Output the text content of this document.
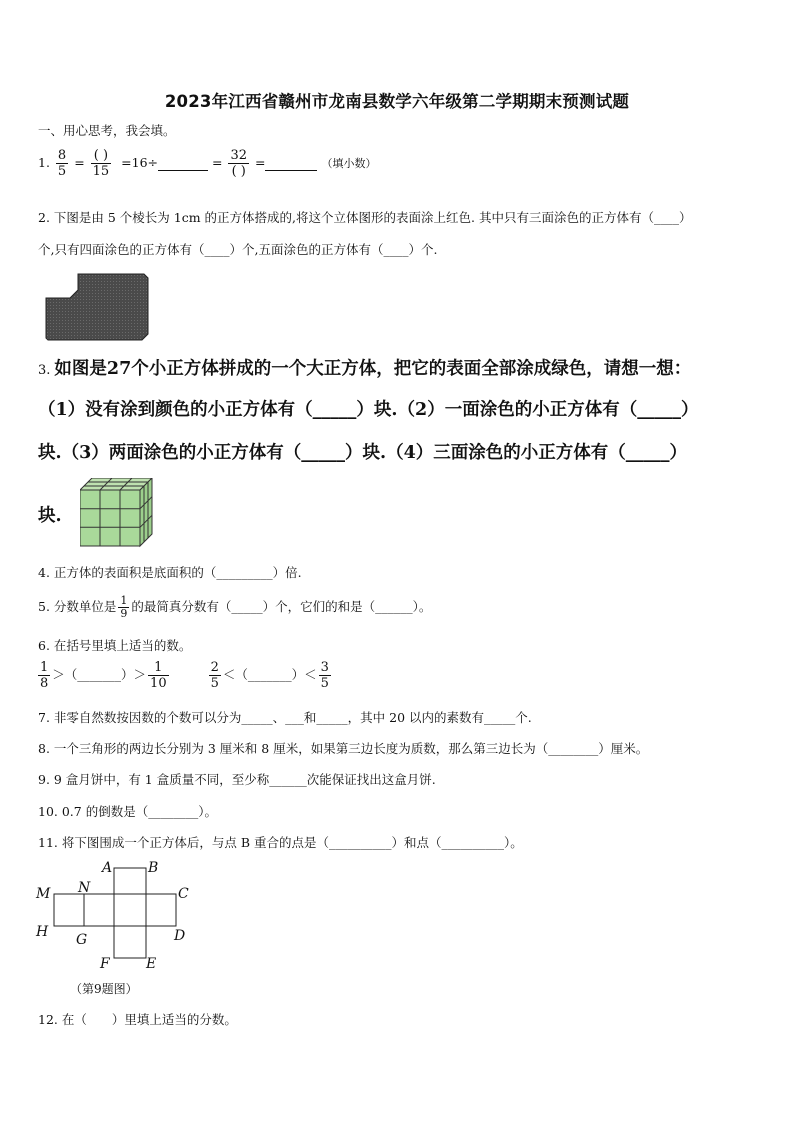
2023年江西省赣州市龙南县数学六年级第二学期期末预测试题
一、用心思考，我会填。
1. $\frac{8}{5} = \frac{( )}{15} =16\div$	= $\frac{32}{( )}$ =	（填小数）
2. 下图是由 5 个棱长为 1cm 的正方体搭成的,将这个立体图形的表面涂上红色. 其中只有三面涂色的正方体有（____）
个,只有四面涂色的正方体有（____）个,五面涂色的正方体有（____）个.
3. 如图是27个小正方体拼成的一个大正方体，把它的表面全部涂成绿色，请想一想：
（1）没有涂到颜色的小正方体有（_____）块.（2）一面涂色的小正方体有（_____）
块.（3）两面涂色的小正方体有（_____）块.（4）三面涂色的小正方体有（_____）
块.
4. 正方体的表面积是底面积的（_________）倍.
5. 分数单位是 $\frac{1}{9}$ 的最简真分数有（_____）个，它们的和是（______）。
6. 在括号里填上适当的数。
$\frac{1}{8}$ ＞（_______）＞ $\frac{1}{10}$
	$\frac{2}{5}$ ＜（_______）＜ $\frac{3}{5}$
7. 非零自然数按因数的个数可以分为_____、___和_____，其中 20 以内的素数有_____个.
8. 一个三角形的两边长分别为 3 厘米和 8 厘米，如果第三边长度为质数，那么第三边长为（________）厘米。
9. 9 盒月饼中，有 1 盒质量不同，至少称______次能保证找出这盒月饼.
10. 0.7 的倒数是（________）。
11. 将下图围成一个正方体后，与点 B 重合的点是（__________）和点（__________）。
A	B
N
M	C
H G	D
F	E
（第9题图）
12. 在（　　）里填上适当的分数。
